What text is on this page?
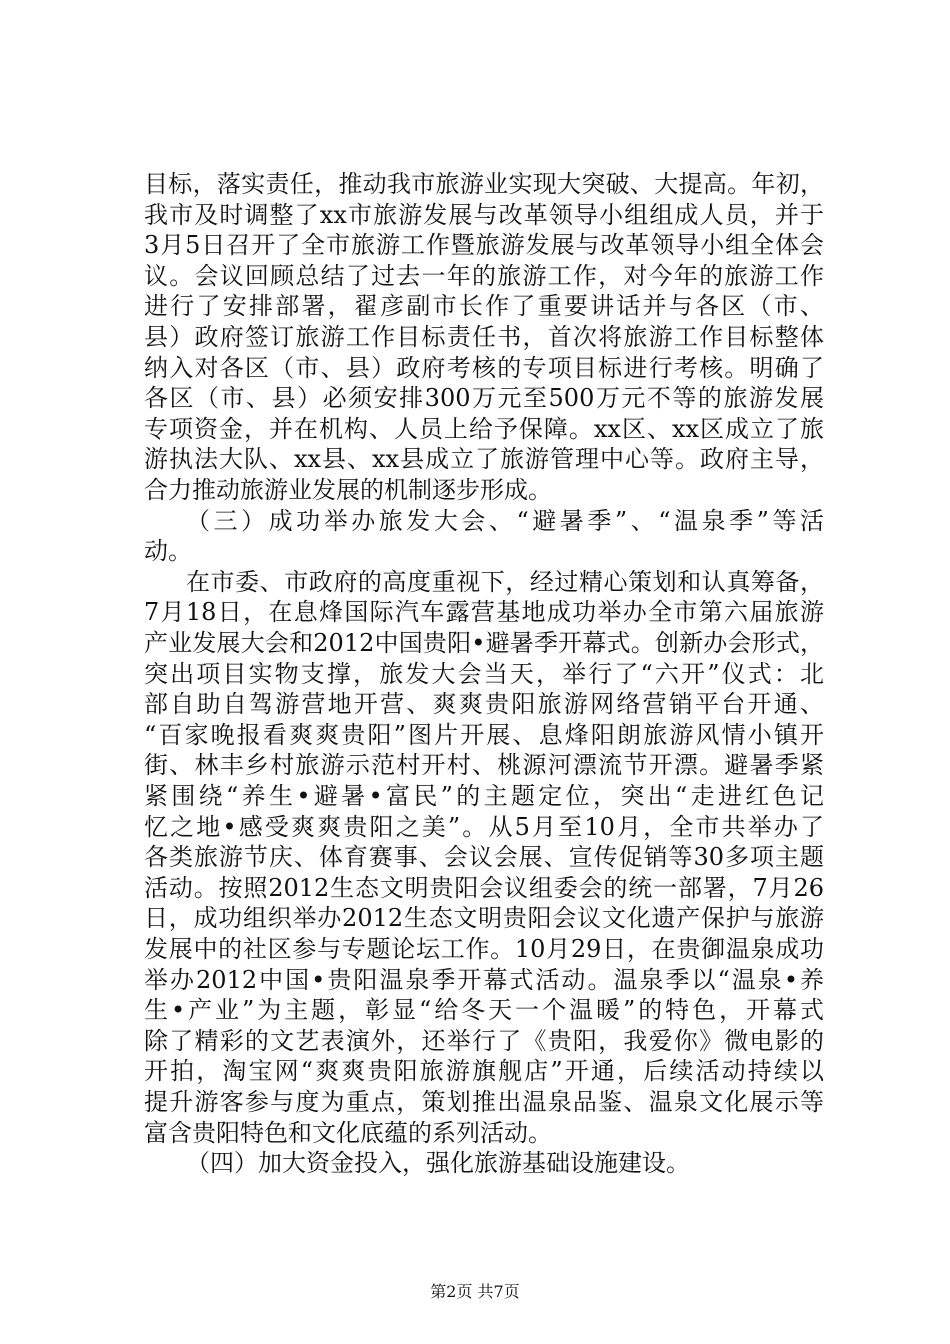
目标，落实责任，推动我市旅游业实现大突破、大提高。年初，
我市及时调整了xx市旅游发展与改革领导小组组成人员，并于
3月5日召开了全市旅游工作暨旅游发展与改革领导小组全体会
议。会议回顾总结了过去一年的旅游工作，对今年的旅游工作
进行了安排部署，翟彦副市长作了重要讲话并与各区（市、
县）政府签订旅游工作目标责任书，首次将旅游工作目标整体
纳入对各区（市、县）政府考核的专项目标进行考核。明确了
各区（市、县）必须安排300万元至500万元不等的旅游发展
专项资金，并在机构、人员上给予保障。xx区、xx区成立了旅
游执法大队、xx县、xx县成立了旅游管理中心等。政府主导，
合力推动旅游业发展的机制逐步形成。
（三）成功举办旅发大会、“避暑季”、“温泉季”等活
动。
在市委、市政府的高度重视下，经过精心策划和认真筹备，
7月18日，在息烽国际汽车露营基地成功举办全市第六届旅游
产业发展大会和2012中国贵阳•避暑季开幕式。创新办会形式，
突出项目实物支撑，旅发大会当天，举行了“六开”仪式：北
部自助自驾游营地开营、爽爽贵阳旅游网络营销平台开通、
“百家晚报看爽爽贵阳”图片开展、息烽阳朗旅游风情小镇开
街、林丰乡村旅游示范村开村、桃源河漂流节开漂。避暑季紧
紧围绕“养生•避暑•富民”的主题定位，突出“走进红色记
忆之地•感受爽爽贵阳之美”。从5月至10月，全市共举办了
各类旅游节庆、体育赛事、会议会展、宣传促销等30多项主题
活动。按照2012生态文明贵阳会议组委会的统一部署，7月26
日，成功组织举办2012生态文明贵阳会议文化遗产保护与旅游
发展中的社区参与专题论坛工作。10月29日，在贵御温泉成功
举办2012中国•贵阳温泉季开幕式活动。温泉季以“温泉•养
生•产业”为主题，彰显“给冬天一个温暖”的特色，开幕式
除了精彩的文艺表演外，还举行了《贵阳，我爱你》微电影的
开拍，淘宝网“爽爽贵阳旅游旗舰店”开通，后续活动持续以
提升游客参与度为重点，策划推出温泉品鉴、温泉文化展示等
富含贵阳特色和文化底蕴的系列活动。
（四）加大资金投入，强化旅游基础设施建设。
第2页 共7页
